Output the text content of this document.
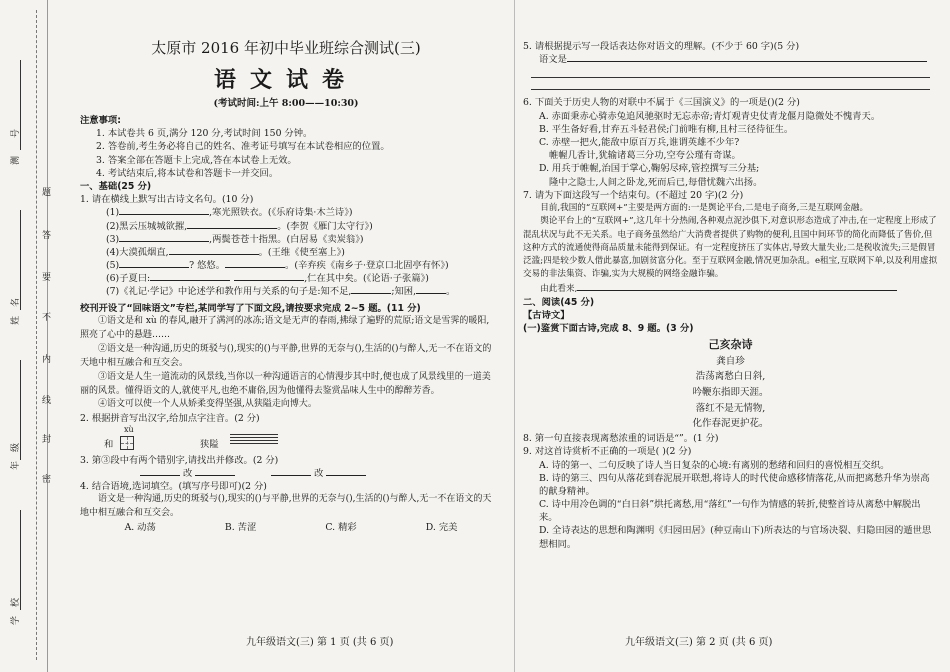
测　　号
姓　名
年　级
学　校
题
答
要
不
内
线
封
密
太原市 2016 年初中毕业班综合测试(三)
语文试卷
(考试时间:上午 8:00——10:30)
注意事项:
1. 本试卷共 6 页,满分 120 分,考试时间 150 分钟。
2. 答卷前,考生务必将自己的姓名、准考证号填写在本试卷相应的位置。
3. 答案全部在答题卡上完成,答在本试卷上无效。
4. 考试结束后,将本试卷和答题卡一并交回。
一、基础(25 分)
1. 请在横线上默写出古诗文名句。(10 分)
(1)	,寒光照铁衣。(《乐府诗集·木兰诗》)
(2)黑云压城城欲摧,	。(李贺《雁门太守行》)
(3)	,两鬓苍苍十指黑。(白居易《卖炭翁》)
(4)大漠孤烟直,	。(王维《使至塞上》)
(5)	? 悠悠。	。(辛弃疾《南乡子·登京口北固亭有怀》)
(6)子夏曰:	,仁在其中矣。(《论语·子张篇》)
(7)《礼记·学记》中论述学和教作用与关系的句子是:知不足,	;知困,	。
校刊开设了“回味语文”专栏,某同学写了下面文段,请按要求完成 2~5 题。(11 分)
①语文是和 xù 的春风,融开了满河的冰冻;语文是无声的春雨,拂绿了遍野的荒原;语文是雪霁的暖阳,照亮了心中的悬韪……
②语文是一种沟通,历史的斑驳与(),现实的()与平静,世界的无奈与(),生活的()与醉人,无一不在语文的天地中相互融合和互交会。
③语文是人生一道流动的风景线,当你以一种沟通语言的心情漫步其中时,便也成了风景线里的一道美丽的风景。懂得语文的人,就使平凡,也绝不庸俗,因为他懂得去鉴赏品味人生中的醇醉芳香。
④语文可以使一个人从娇柔变得坚强,从狭隘走向博大。
2. 根据拼音写出汉字,给加点字注音。(2 分)
xù
和	狭隘
3. 第③段中有两个错别字,请找出并修改。(2 分)
改	改
4. 结合语境,选词填空。(填写序号即可)(2 分)
语文是一种沟通,历史的斑驳与(),现实的()与平静,世界的无奈与(),生活的()与醉人,无一不在语文的天地中相互融合和互交会。
A. 动荡	B. 苦涩	C. 精彩	D. 完美
九年级语文(三) 第 1 页 (共 6 页)
5. 请根据提示写一段话表达你对语文的理解。(不少于 60 字)(5 分)
语文是
6. 下面关于历史人物的对联中不属于《三国演义》的一项是()(2 分)
A. 赤面秉赤心骑赤兔追风驰驱时无忘赤帝;青灯观青史仗青龙偃月隐微处不愧青天。
B. 平生备好看,甘弃五斗轻君侯;门前唯有柳,且村三径待征生。
C. 赤壁一把火,能敌中原百万兵,谁谓英雄不少年?
帷幄几香计,犹输诸葛三分功,空夸公瑾有奇谋。
D. 用兵于帷幄,治国于掌心,鞠躬尽瘁,管控撰写三分基;
隆中之隐士,人间之卧龙,死而后已,每借忧魏六出扬。
7. 请为下面这段写一个结束句。(不超过 20 字)(2 分)
目前,我国的“互联网+”主要是两方面的:一是舆论平台,二是电子商务,三是互联网金融。
舆论平台上的“互联网+”,这几年十分热闹,各种观点泥沙俱下,对意识形态造成了冲击,在一定程度上形成了混乱状况与此不无关系。电子商务虽然给广大消费者提供了购物的便利,且国中间环节的简化而降低了售价,但这种方式的流通使得商品质量未能得到保证。有一定程度挤压了实体店,导致大量失业;二是税收流失;三是假冒泛滥;四是较少数人借此暴富,加剧贫富分化。至于互联网金融,情况更加杂乱。e租宝,互联网下单,以及利用虚拟交易的非法集资、诈骗,实为大规模的网络金融诈骗。
由此看来,
二、阅读(45 分)
【古诗文】
(一)鉴赏下面古诗,完成 8、9 题。(3 分)
己亥杂诗
龚自珍
浩荡离愁白日斜,
吟鞭东指即天涯。
落红不是无情物,
化作春泥更护花。
8. 第一句直接表现离愁浓重的词语是“”。(1 分)
9. 对这首诗赏析不正确的一项是( )(2 分)
A. 诗的第一、二句反映了诗人当日复杂的心境:有离别的愁绪和回归的喜悦相互交织。
B. 诗的第三、四句从落花到春泥展开联想,将诗人的时代使命感移情落花,从而把离愁升华为崇高的献身精神。
C. 诗中用冷色调的“白日斜”烘托离愁,用“落红”一句作为情感的转折,使整首诗从离愁中解脱出来。
D. 全诗表达的思想和陶渊明《归园田居》(种豆南山下)所表达的与官场决裂、归隐田园的遁世思想相同。
九年级语文(三) 第 2 页 (共 6 页)
